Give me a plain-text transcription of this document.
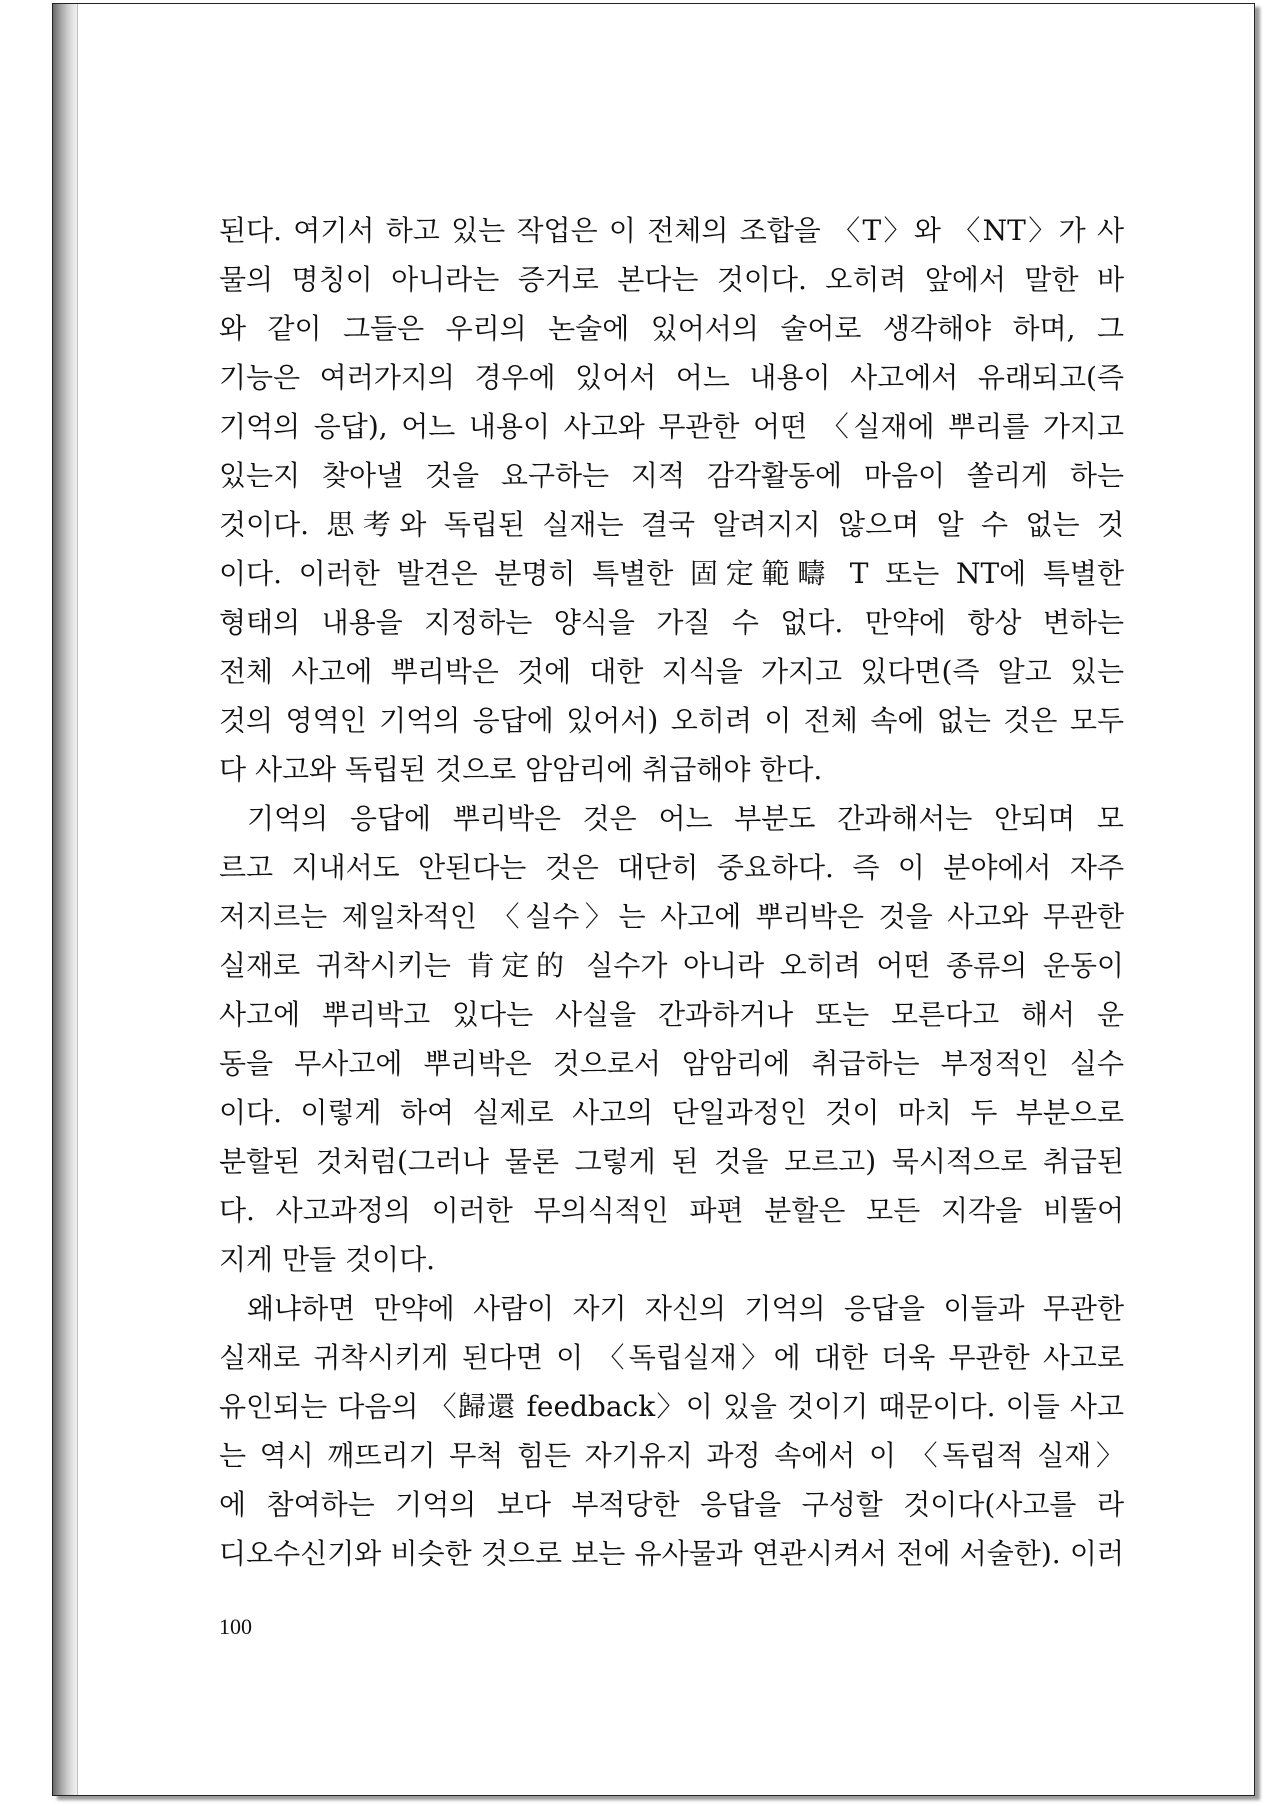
된다. 여기서 하고 있는 작업은 이 전체의 조합을 〈T〉와 〈NT〉가 사
물의 명칭이 아니라는 증거로 본다는 것이다. 오히려 앞에서 말한 바
와 같이 그들은 우리의 논술에 있어서의 술어로 생각해야 하며, 그
기능은 여러가지의 경우에 있어서 어느 내용이 사고에서 유래되고(즉
기억의 응답), 어느 내용이 사고와 무관한 어떤 〈실재에 뿌리를 가지고
있는지 찾아낼 것을 요구하는 지적 감각활동에 마음이 쏠리게 하는
것이다. 思考와 독립된 실재는 결국 알려지지 않으며 알 수 없는 것
이다. 이러한 발견은 분명히 특별한 固定範疇 T 또는 NT에 특별한
형태의 내용을 지정하는 양식을 가질 수 없다. 만약에 항상 변하는
전체 사고에 뿌리박은 것에 대한 지식을 가지고 있다면(즉 알고 있는
것의 영역인 기억의 응답에 있어서) 오히려 이 전체 속에 없는 것은 모두
다 사고와 독립된 것으로 암암리에 취급해야 한다.
기억의 응답에 뿌리박은 것은 어느 부분도 간과해서는 안되며 모
르고 지내서도 안된다는 것은 대단히 중요하다. 즉 이 분야에서 자주
저지르는 제일차적인 〈실수〉는 사고에 뿌리박은 것을 사고와 무관한
실재로 귀착시키는 肯定的 실수가 아니라 오히려 어떤 종류의 운동이
사고에 뿌리박고 있다는 사실을 간과하거나 또는 모른다고 해서 운
동을 무사고에 뿌리박은 것으로서 암암리에 취급하는 부정적인 실수
이다. 이렇게 하여 실제로 사고의 단일과정인 것이 마치 두 부분으로
분할된 것처럼(그러나 물론 그렇게 된 것을 모르고) 묵시적으로 취급된
다. 사고과정의 이러한 무의식적인 파편 분할은 모든 지각을 비뚤어
지게 만들 것이다.
왜냐하면 만약에 사람이 자기 자신의 기억의 응답을 이들과 무관한
실재로 귀착시키게 된다면 이 〈독립실재〉에 대한 더욱 무관한 사고로
유인되는 다음의 〈歸還 feedback〉이 있을 것이기 때문이다. 이들 사고
는 역시 깨뜨리기 무척 힘든 자기유지 과정 속에서 이 〈독립적 실재〉
에 참여하는 기억의 보다 부적당한 응답을 구성할 것이다(사고를 라
디오수신기와 비슷한 것으로 보는 유사물과 연관시켜서 전에 서술한). 이러
100
